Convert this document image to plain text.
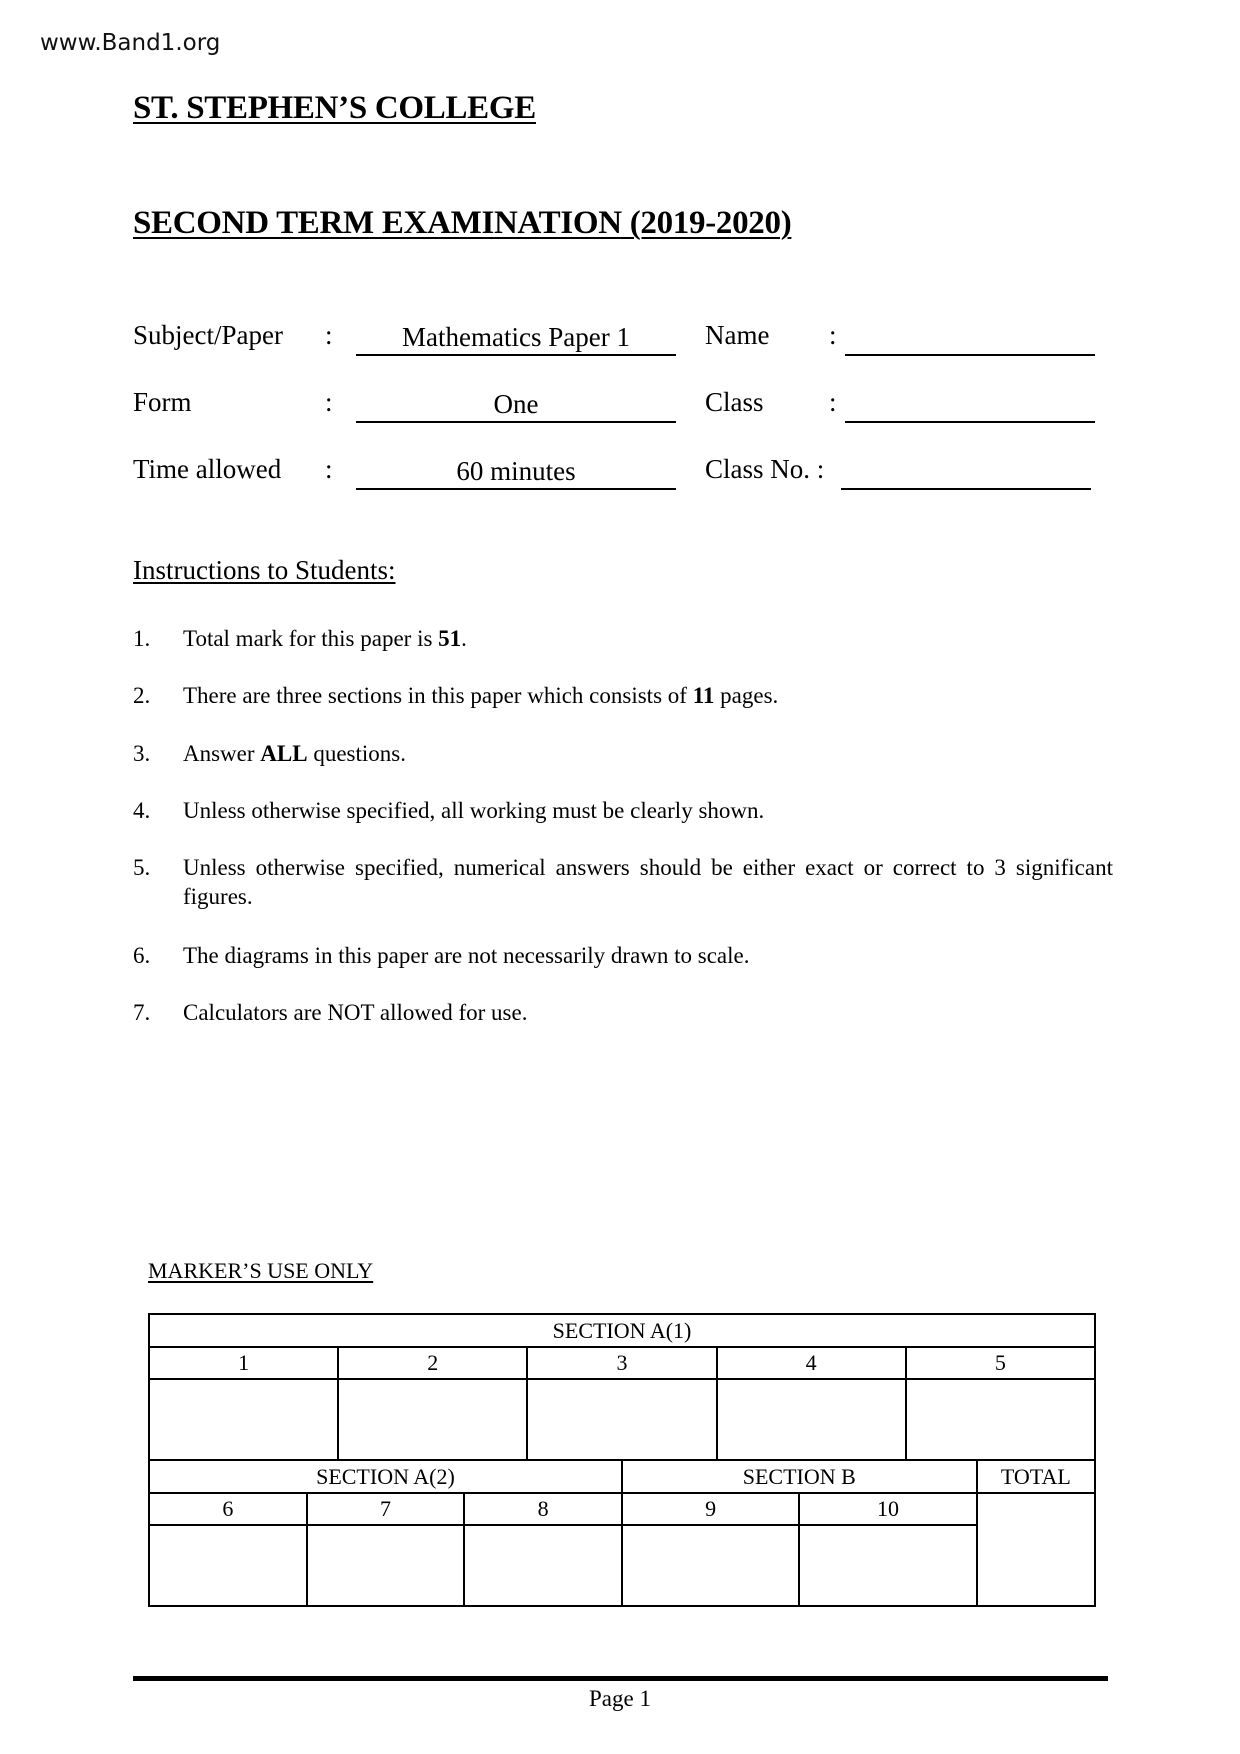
www.Band1.org
ST. STEPHEN’S COLLEGE
SECOND TERM EXAMINATION (2019-2020)
Subject/Paper :	Mathematics Paper 1	Name :
Form	:	One	Class :
Time allowed :	60 minutes	Class No. :
Instructions to Students:
1. Total mark for this paper is 51.
2. There are three sections in this paper which consists of 11 pages.
3. Answer ALL questions.
4. Unless otherwise specified, all working must be clearly shown.
5. Unless otherwise specified, numerical answers should be either exact or correct to 3 significant figures.
6. The diagrams in this paper are not necessarily drawn to scale.
7. Calculators are NOT allowed for use.
MARKER’S USE ONLY
SECTION A(1)				
1	2	3	4	5

SECTION A(2)			SECTION B		TOTAL
6	7	8	9	10	

Page 1
